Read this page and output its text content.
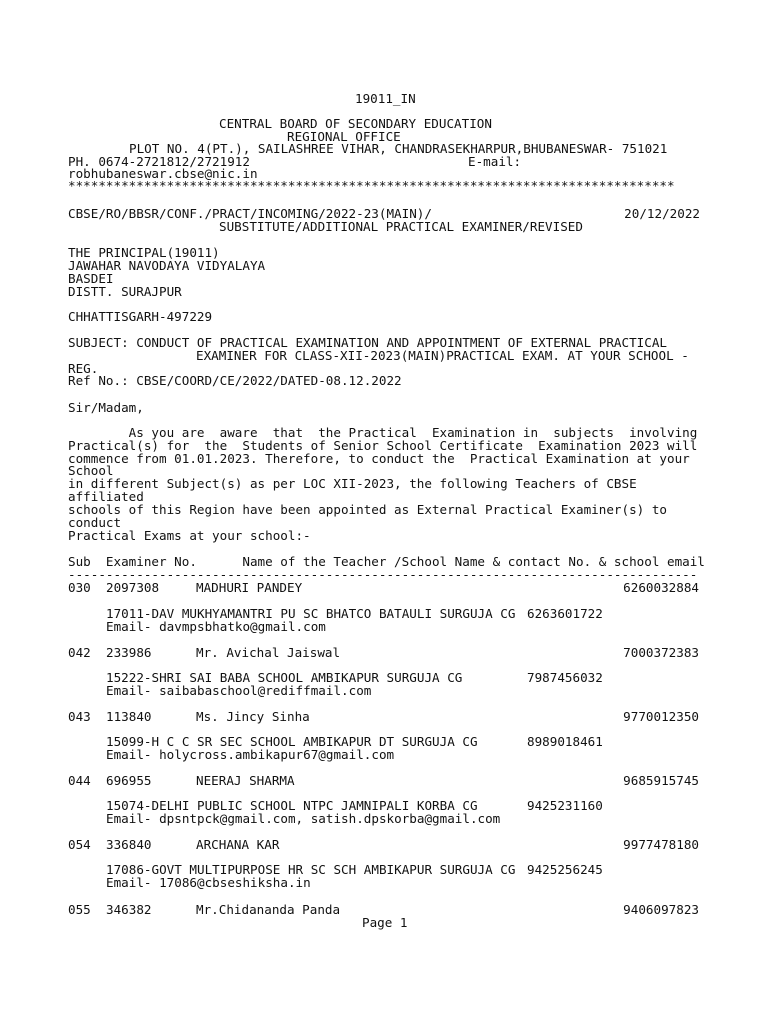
19011_IN
CENTRAL BOARD OF SECONDARY EDUCATION
REGIONAL OFFICE
PLOT NO. 4(PT.), SAILASHREE VIHAR, CHANDRASEKHARPUR,BHUBANESWAR- 751021
PH. 0674-2721812/2721912	E-mail:
robhubaneswar.cbse@nic.in
********************************************************************************
CBSE/RO/BBSR/CONF./PRACT/INCOMING/2022-23(MAIN)/	20/12/2022
SUBSTITUTE/ADDITIONAL PRACTICAL EXAMINER/REVISED
THE PRINCIPAL(19011)
JAWAHAR NAVODAYA VIDYALAYA
BASDEI
DISTT. SURAJPUR
CHHATTISGARH-497229
SUBJECT: CONDUCT OF PRACTICAL EXAMINATION AND APPOINTMENT OF EXTERNAL PRACTICAL
EXAMINER FOR CLASS-XII-2023(MAIN)PRACTICAL EXAM. AT YOUR SCHOOL -
REG.
Ref No.: CBSE/COORD/CE/2022/DATED-08.12.2022
Sir/Madam,
As you are  aware  that  the Practical  Examination in  subjects  involving
Practical(s) for  the  Students of Senior School Certificate  Examination 2023 will
commence from 01.01.2023. Therefore, to conduct the  Practical Examination at your
School
in different Subject(s) as per LOC XII-2023, the following Teachers of CBSE
affiliated
schools of this Region have been appointed as External Practical Examiner(s) to
conduct
Practical Exams at your school:-
Sub  Examiner No.      Name of the Teacher /School Name & contact No. & school email
-----------------------------------------------------------------------------------
030 2097308	MADHURI PANDEY	6260032884
17011-DAV MUKHYAMANTRI PU SC BHATCO BATAULI SURGUJA CG 6263601722
Email- davmpsbhatko@gmail.com
042 233986	Mr. Avichal Jaiswal	7000372383
15222-SHRI SAI BABA SCHOOL AMBIKAPUR SURGUJA CG	7987456032
Email- saibabaschool@rediffmail.com
043 113840	Ms. Jincy Sinha	9770012350
15099-H C C SR SEC SCHOOL AMBIKAPUR DT SURGUJA CG	8989018461
Email- holycross.ambikapur67@gmail.com
044 696955	NEERAJ SHARMA	9685915745
15074-DELHI PUBLIC SCHOOL NTPC JAMNIPALI KORBA CG	9425231160
Email- dpsntpck@gmail.com, satish.dpskorba@gmail.com
054 336840	ARCHANA KAR	9977478180
17086-GOVT MULTIPURPOSE HR SC SCH AMBIKAPUR SURGUJA CG 9425256245
Email- 17086@cbseshiksha.in
055 346382	Mr.Chidananda Panda	9406097823
Page 1
